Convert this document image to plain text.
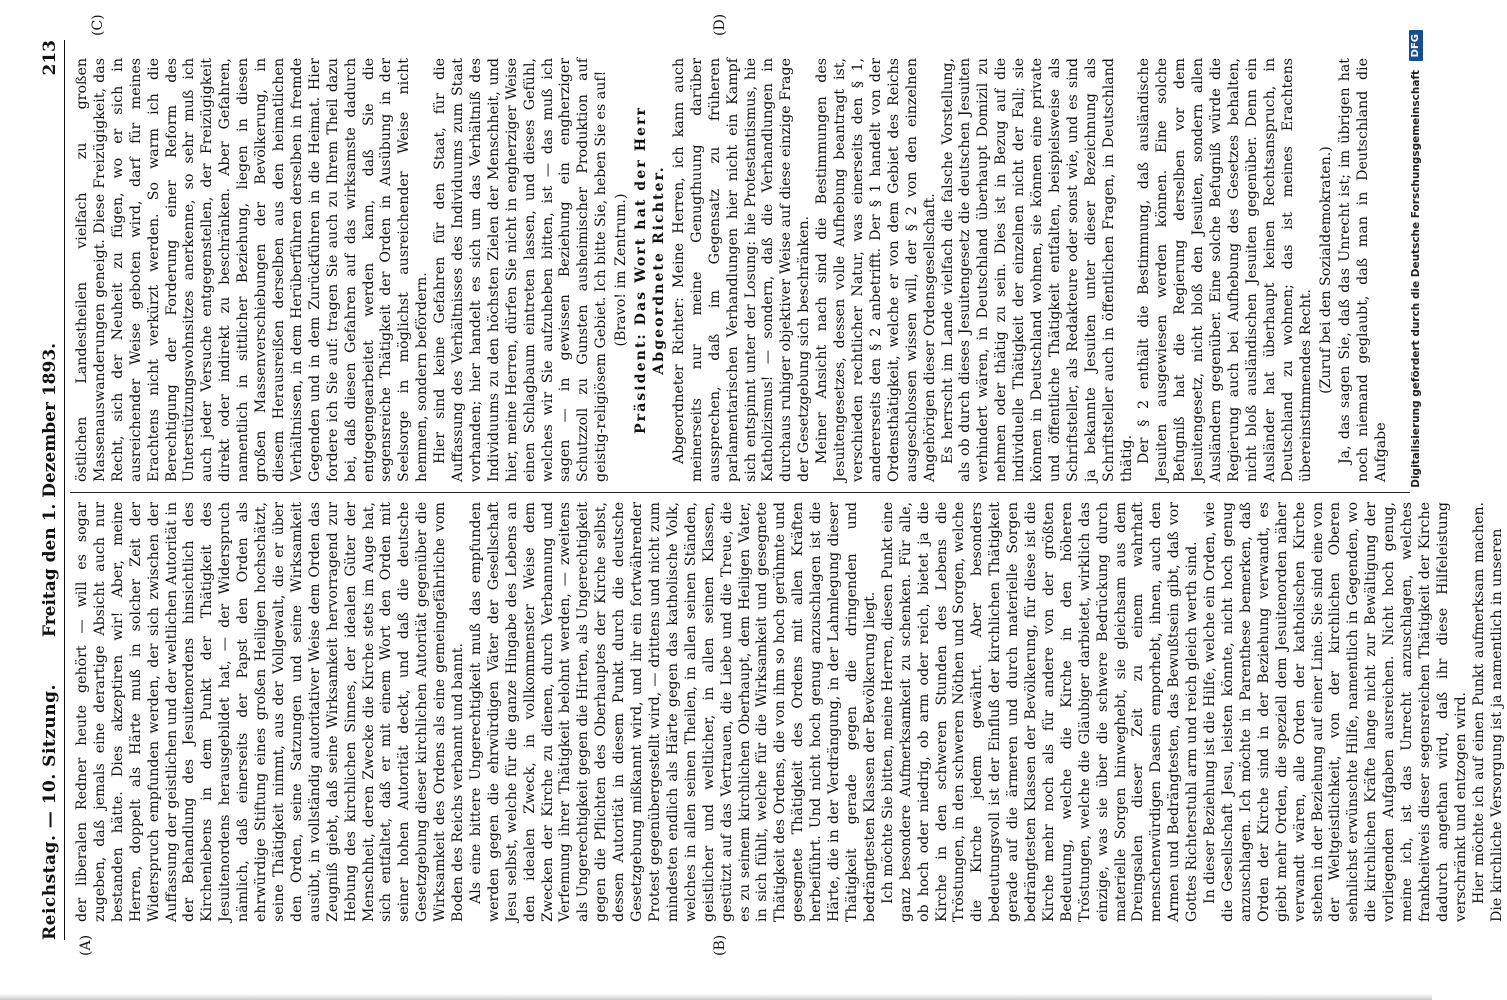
Reichstag. — 10. Sitzung.
Freitag den 1. Dezember 1893.
213
(A)	(B)
(C)	(D)

der liberalen Redner heute gehört — will es sogar zugeben, daß jemals eine derartige Absicht auch nur bestanden hätte. Dies akzeptiren wir! Aber, meine Herren, doppelt als Härte muß in solcher Zeit der Widerspruch empfunden werden, der sich zwischen der Auffassung der geistlichen und der weltlichen Autorität in der Behandlung des Jesuitenordens hinsichtlich des Kirchenlebens in dem Punkt der Thätigkeit des Jesuitenordens herausgebildet hat, — der Widerspruch nämlich, daß einerseits der Papst den Orden als ehrwürdige Stiftung eines großen Heiligen hochschätzt, seine Thätigkeit nimmt, aus der Vollgewalt, die er über den Orden, seine Satzungen und seine Wirksamkeit ausübt, in vollständig autoritativer Weise dem Orden das Zeugniß giebt, daß seine Wirksamkeit hervorragend zur Hebung des kirchlichen Sinnes, der idealen Güter der Menschheit, deren Zwecke die Kirche stets im Auge hat, sich entfaltet, daß er mit einem Wort den Orden mit seiner hohen Autorität deckt, und daß die deutsche Gesetzgebung dieser kirchlichen Autorität gegenüber die Wirksamkeit des Ordens als eine gemeingefährliche vom Boden des Reichs verbannt und bannt. Als eine bittere Ungerechtigkeit muß das empfunden werden gegen die ehrwürdigen Väter der Gesellschaft Jesu selbst, welche für die ganze Hingabe des Lebens an den idealen Zweck, in vollkommenster Weise dem Zwecken der Kirche zu dienen, durch Verbannung und Verfemung ihrer Thätigkeit belohnt werden, — zweitens als Ungerechtigkeit gegen die Hirten, als Ungerechtigkeit gegen die Pflichten des Oberhauptes der Kirche selbst, dessen Autorität in diesem Punkt durch die deutsche Gesetzgebung mißkannt wird, und ihr ein fortwährender Protest gegenübergestellt wird, — drittens und nicht zum mindesten endlich als Härte gegen das katholische Volk, welches in allen seinen Theilen, in allen seinen Ständen, geistlicher und weltlicher, in allen seinen Klassen, gestützt auf das Vertrauen, die Liebe und die Treue, die es zu seinem kirchlichen Oberhaupt, dem Heiligen Vater, in sich fühlt, welche für die Wirksamkeit und gesegnete Thätigkeit des Ordens, die von ihm so hoch gerühmte und gesegnete Thätigkeit des Ordens mit allen Kräften herbeiführt. Und nicht hoch genug anzuschlagen ist die Härte, die in der Verdrängung, in der Lahmlegung dieser Thätigkeit gerade gegen die dringenden und bedrängtesten Klassen der Bevölkerung liegt. Ich möchte Sie bitten, meine Herren, diesen Punkt eine ganz besondere Aufmerksamkeit zu schenken. Für alle, ob hoch oder niedrig, ob arm oder reich, bietet ja die Kirche in den schweren Stunden des Lebens die Tröstungen, in den schweren Nöthen und Sorgen, welche die Kirche jedem gewährt. Aber besonders bedeutungsvoll ist der Einfluß der kirchlichen Thätigkeit gerade auf die ärmeren und durch materielle Sorgen bedrängtesten Klassen der Bevölkerung, für diese ist die Kirche mehr noch als für andere von der größten Bedeutung, welche die Kirche in den höheren Tröstungen, welche die Gläubiger darbietet, wirklich das einzige, was sie über die schwere Bedrückung durch materielle Sorgen hinweghebt, sie gleichsam aus dem Dreingsalen dieser Zeit zu einem wahrhaft menschenwürdigen Dasein emporhebt, ihnen, auch den Armen und Bedrängtesten, das Bewußtsein gibt, daß vor Gottes Richterstuhl arm und reich gleich werth sind. In dieser Beziehung ist die Hilfe, welche ein Orden, wie die Gesellschaft Jesu, leisten könnte, nicht hoch genug anzuschlagen. Ich möchte in Parenthese bemerken, daß Orden der Kirche sind in der Beziehung verwandt, es giebt mehr Orden, die speziell dem Jesuitenorden näher verwandt wären, alle Orden der katholischen Kirche stehen in der Beziehung auf einer Linie. Sie sind eine von der Weltgeistlichkeit, von der kirchlichen Oberen sehnlichst erwünschte Hilfe, namentlich in Gegenden, wo die kirchlichen Kräfte lange nicht zur Bewältigung der vorliegenden Aufgaben ausreichen. Nicht hoch genug, meine ich, ist das Unrecht anzuschlagen, welches frankheitweis dieser segensreichen Thätigkeit der Kirche dadurch angethan wird, daß ihr diese Hilfeleistung verschränkt und entzogen wird. Hier möchte ich auf einen Punkt aufmerksam machen. Die kirchliche Versorgung ist ja namentlich in unseren

östlichen Landestheilen vielfach zu großen Massenauswanderungen geneigt. Diese Freizügigkeit, das Recht, sich der Neuheit zu fügen, wo er sich in ausreichender Weise geboten wird, darf für meines Erachtens nicht verkürzt werden. So warm ich die Berechtigung der Forderung einer Reform des Unterstützungswohnsitzes anerkenne, so sehr muß ich auch jeder Versuche entgegenstellen, der Freizügigkeit direkt oder indirekt zu beschränken. Aber Gefahren, namentlich in sittlicher Beziehung, liegen in diesen großen Massenverschiebungen der Bevölkerung, in diesem Herausreißen derselben aus den heimatlichen Verhältnissen, in dem Herüberführen derselben in fremde Gegenden und in dem Zurückführen in die Heimat. Hier fordere ich Sie auf: tragen Sie auch zu Ihrem Theil dazu bei, daß diesen Gefahren auf das wirksamste dadurch entgegengearbeitet werden kann, daß Sie die segensreiche Thätigkeit der Orden in Ausübung in der Seelsorge in möglichst ausreichender Weise nicht hemmen, sondern befördern. Hier sind keine Gefahren für den Staat, für die Auffassung des Verhältnisses des Individuums zum Staat vorhanden; hier handelt es sich um das Verhältniß des Individuums zu den höchsten Zielen der Menschheit, und hier, meine Herren, dürfen Sie nicht in engherziger Weise einen Schlagbaum eintreten lassen, und dieses Gefühl, welches wir Sie aufzuheben bitten, ist — das muß ich sagen — in gewissen Beziehung ein engherziger Schutzzoll zu Gunsten ausheimischer Produktion auf geistig-religiösem Gebiet. Ich bitte Sie, heben Sie es auf! (Bravo! im Zentrum.) Präsident: Das Wort hat der Herr Abgeordnete Richter. Abgeordneter Richter: Meine Herren, ich kann auch meinerseits nur meine Genugthuung darüber aussprechen, daß im Gegensatz zu früheren parlamentarischen Verhandlungen hier nicht ein Kampf sich entspinnt unter der Losung: hie Protestantismus, hie Katholizismus! — sondern, daß die Verhandlungen in durchaus ruhiger objektiver Weise auf diese einzige Frage der Gesetzgebung sich beschränken. Meiner Ansicht nach sind die Bestimmungen des Jesuitengesetzes, dessen volle Aufhebung beantragt ist, verschieden rechtlicher Natur, was einerseits den § 1, andererseits den § 2 anbetrifft. Der § 1 handelt von der Ordensthätigkeit, welche er von dem Gebiet des Reichs ausgeschlossen wissen will, der § 2 von den einzelnen Angehörigen dieser Ordensgesellschaft. Es herrscht im Lande vielfach die falsche Vorstellung, als ob durch dieses Jesuitengesetz die deutschen Jesuiten verhindert wären, in Deutschland überhaupt Domizil zu nehmen oder thätig zu sein. Dies ist in Bezug auf die individuelle Thätigkeit der einzelnen nicht der Fall; sie können in Deutschland wohnen, sie können eine private und öffentliche Thätigkeit entfalten, beispielsweise als Schriftsteller, als Redakteure oder sonst wie, und es sind ja bekannte Jesuiten unter dieser Bezeichnung als Schriftsteller auch in öffentlichen Fragen, in Deutschland thätig. Der § 2 enthält die Bestimmung, daß ausländische Jesuiten ausgewiesen werden können. Eine solche Befugniß hat die Regierung derselben vor dem Jesuitengesetz, nicht bloß den Jesuiten, sondern allen Ausländern gegenüber. Eine solche Befugniß würde die Regierung auch bei Aufhebung des Gesetzes behalten, nicht bloß ausländischen Jesuiten gegenüber. Denn ein Ausländer hat überhaupt keinen Rechtsanspruch, in Deutschland zu wohnen; das ist meines Erachtens übereinstimmendes Recht. (Zuruf bei den Sozialdemokraten.) Ja, das sagen Sie, daß das Unrecht ist; im übrigen hat noch niemand geglaubt, daß man in Deutschland die Aufgabe Digitalisierung gefördert durch die Deutsche Forschungsgemeinschaft
DFG
